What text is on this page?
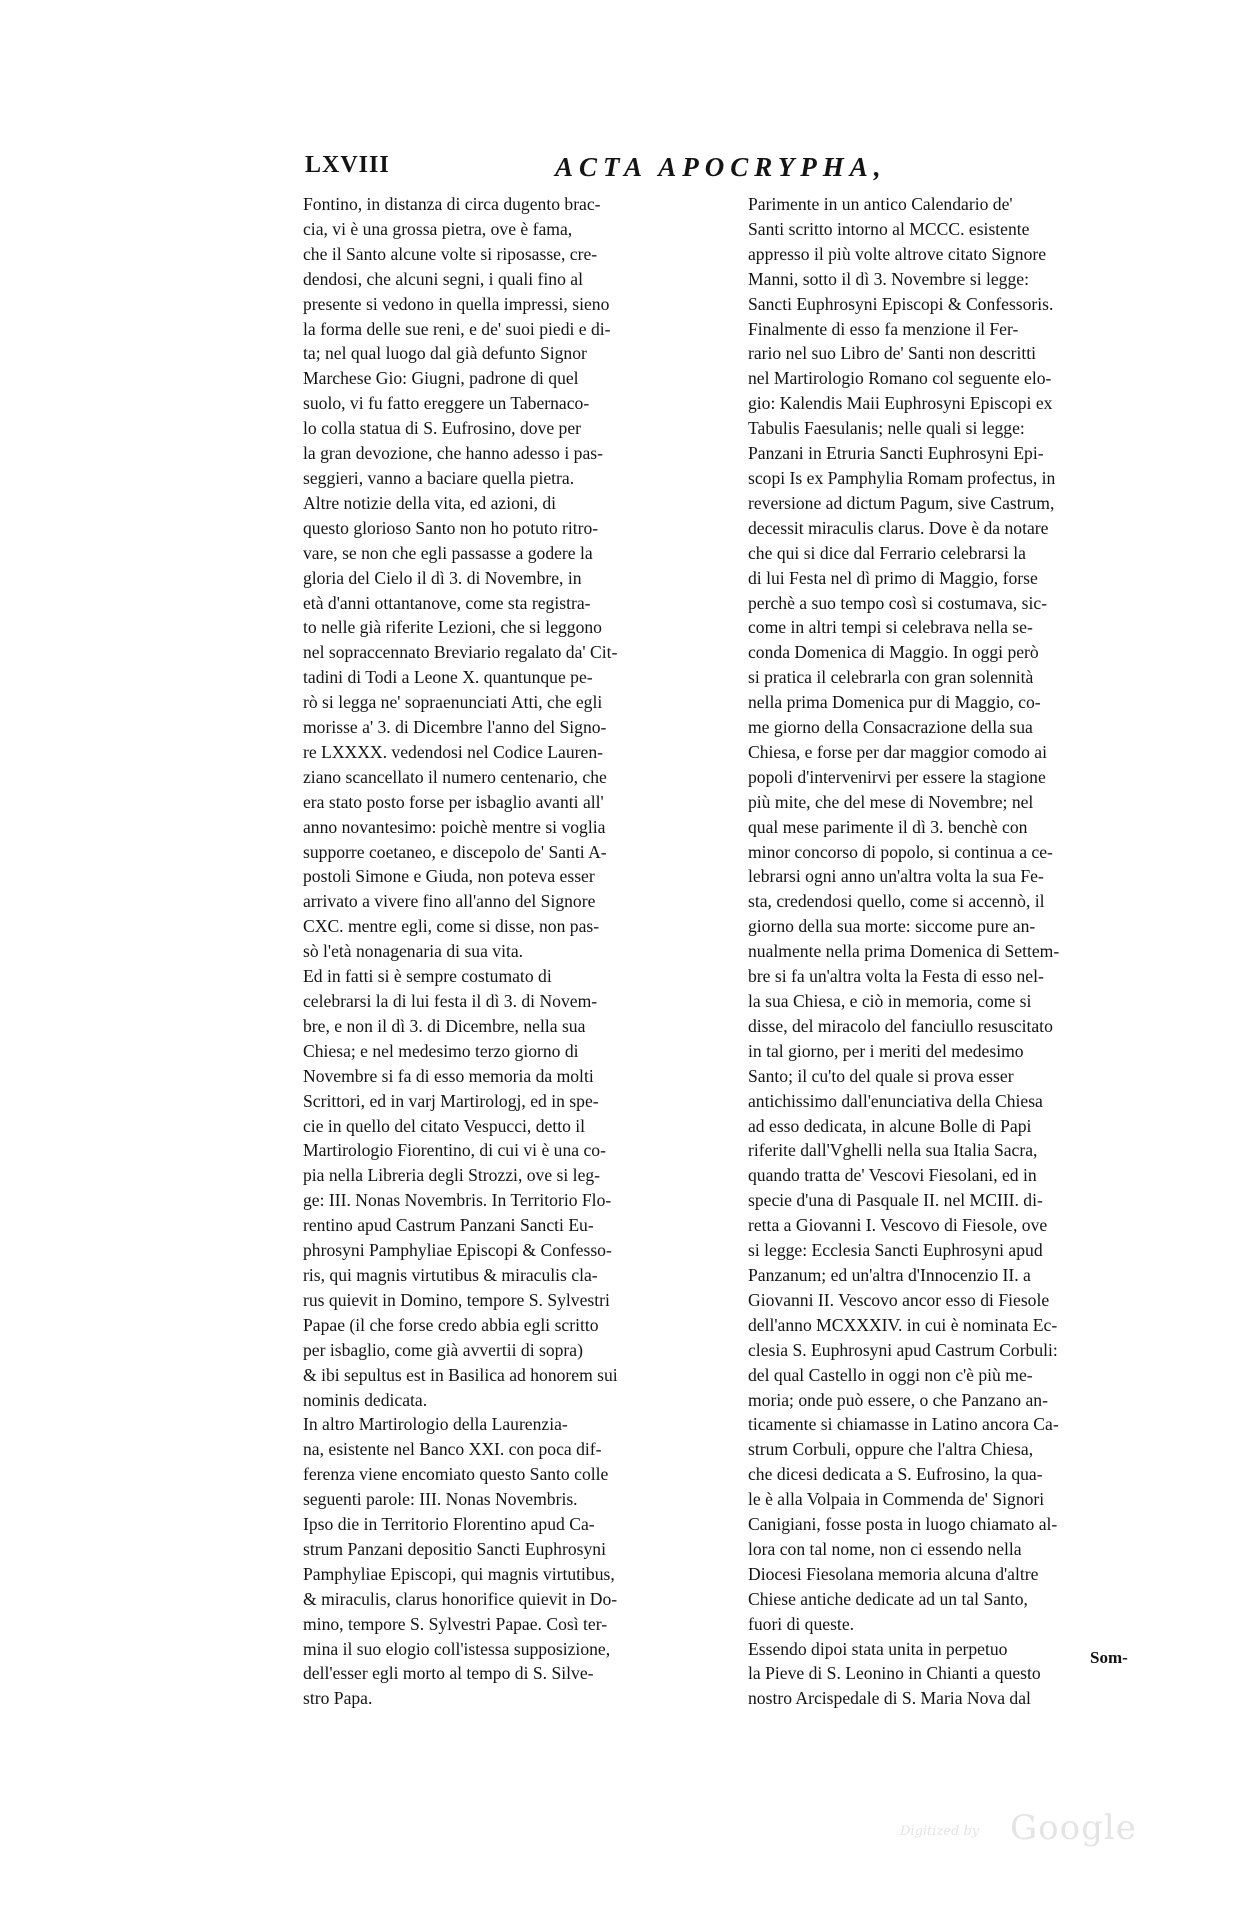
LXVIII	ACTA APOCRYPHA,
Fontino, in distanza di circa dugento brac-
cia, vi è una grossa pietra, ove è fama,
che il Santo alcune volte si riposasse, cre-
dendosi, che alcuni segni, i quali fino al
presente si vedono in quella impressi, sieno
la forma delle sue reni, e de' suoi piedi e di-
ta; nel qual luogo dal già defunto Signor
Marchese Gio: Giugni, padrone di quel
suolo, vi fu fatto ereggere un Tabernaco-
lo colla statua di S. Eufrosino, dove per
la gran devozione, che hanno adesso i pas-
seggieri, vanno a baciare quella pietra.
Altre notizie della vita, ed azioni, di
questo glorioso Santo non ho potuto ritro-
vare, se non che egli passasse a godere la
gloria del Cielo il dì 3. di Novembre, in
età d'anni ottantanove, come sta registra-
to nelle già riferite Lezioni, che si leggono
nel sopraccennato Breviario regalato da' Cit-
tadini di Todi a Leone X. quantunque pe-
rò si legga ne' sopraenunciati Atti, che egli
morisse a' 3. di Dicembre l'anno del Signo-
re LXXXX. vedendosi nel Codice Lauren-
ziano scancellato il numero centenario, che
era stato posto forse per isbaglio avanti all'
anno novantesimo: poichè mentre si voglia
supporre coetaneo, e discepolo de' Santi A-
postoli Simone e Giuda, non poteva esser
arrivato a vivere fino all'anno del Signore
CXC. mentre egli, come si disse, non pas-
sò l'età nonagenaria di sua vita.
Ed in fatti si è sempre costumato di
celebrarsi la di lui festa il dì 3. di Novem-
bre, e non il dì 3. di Dicembre, nella sua
Chiesa; e nel medesimo terzo giorno di
Novembre si fa di esso memoria da molti
Scrittori, ed in varj Martirologj, ed in spe-
cie in quello del citato Vespucci, detto il
Martirologio Fiorentino, di cui vi è una co-
pia nella Libreria degli Strozzi, ove si leg-
ge: III. Nonas Novembris. In Territorio Flo-
rentino apud Castrum Panzani Sancti Eu-
phrosyni Pamphyliae Episcopi & Confesso-
ris, qui magnis virtutibus & miraculis cla-
rus quievit in Domino, tempore S. Sylvestri
Papae (il che forse credo abbia egli scritto
per isbaglio, come già avvertii di sopra)
& ibi sepultus est in Basilica ad honorem sui
nominis dedicata.
In altro Martirologio della Laurenzia-
na, esistente nel Banco XXI. con poca dif-
ferenza viene encomiato questo Santo colle
seguenti parole: III. Nonas Novembris.
Ipso die in Territorio Florentino apud Ca-
strum Panzani depositio Sancti Euphrosyni
Pamphyliae Episcopi, qui magnis virtutibus,
& miraculis, clarus honorifice quievit in Do-
mino, tempore S. Sylvestri Papae. Così ter-
mina il suo elogio coll'istessa supposizione,
dell'esser egli morto al tempo di S. Silve-
stro Papa.
Parimente in un antico Calendario de'
Santi scritto intorno al MCCC. esistente
appresso il più volte altrove citato Signore
Manni, sotto il dì 3. Novembre si legge:
Sancti Euphrosyni Episcopi & Confessoris.
Finalmente di esso fa menzione il Fer-
rario nel suo Libro de' Santi non descritti
nel Martirologio Romano col seguente elo-
gio: Kalendis Maii Euphrosyni Episcopi ex
Tabulis Faesulanis; nelle quali si legge:
Panzani in Etruria Sancti Euphrosyni Epi-
scopi Is ex Pamphylia Romam profectus, in
reversione ad dictum Pagum, sive Castrum,
decessit miraculis clarus. Dove è da notare
che qui si dice dal Ferrario celebrarsi la
di lui Festa nel dì primo di Maggio, forse
perchè a suo tempo così si costumava, sic-
come in altri tempi si celebrava nella se-
conda Domenica di Maggio. In oggi però
si pratica il celebrarla con gran solennità
nella prima Domenica pur di Maggio, co-
me giorno della Consacrazione della sua
Chiesa, e forse per dar maggior comodo ai
popoli d'intervenirvi per essere la stagione
più mite, che del mese di Novembre; nel
qual mese parimente il dì 3. benchè con
minor concorso di popolo, si continua a ce-
lebrarsi ogni anno un'altra volta la sua Fe-
sta, credendosi quello, come si accennò, il
giorno della sua morte: siccome pure an-
nualmente nella prima Domenica di Settem-
bre si fa un'altra volta la Festa di esso nel-
la sua Chiesa, e ciò in memoria, come si
disse, del miracolo del fanciullo resuscitato
in tal giorno, per i meriti del medesimo
Santo; il cu'to del quale si prova esser
antichissimo dall'enunciativa della Chiesa
ad esso dedicata, in alcune Bolle di Papi
riferite dall'Vghelli nella sua Italia Sacra,
quando tratta de' Vescovi Fiesolani, ed in
specie d'una di Pasquale II. nel MCIII. di-
retta a Giovanni I. Vescovo di Fiesole, ove
si legge: Ecclesia Sancti Euphrosyni apud
Panzanum; ed un'altra d'Innocenzio II. a
Giovanni II. Vescovo ancor esso di Fiesole
dell'anno MCXXXIV. in cui è nominata Ec-
clesia S. Euphrosyni apud Castrum Corbuli:
del qual Castello in oggi non c'è più me-
moria; onde può essere, o che Panzano an-
ticamente si chiamasse in Latino ancora Ca-
strum Corbuli, oppure che l'altra Chiesa,
che dicesi dedicata a S. Eufrosino, la qua-
le è alla Volpaia in Commenda de' Signori
Canigiani, fosse posta in luogo chiamato al-
lora con tal nome, non ci essendo nella
Diocesi Fiesolana memoria alcuna d'altre
Chiese antiche dedicate ad un tal Santo,
fuori di queste.
Essendo dipoi stata unita in perpetuo
la Pieve di S. Leonino in Chianti a questo
nostro Arcispedale di S. Maria Nova dal
Som-
Digitized by Google
